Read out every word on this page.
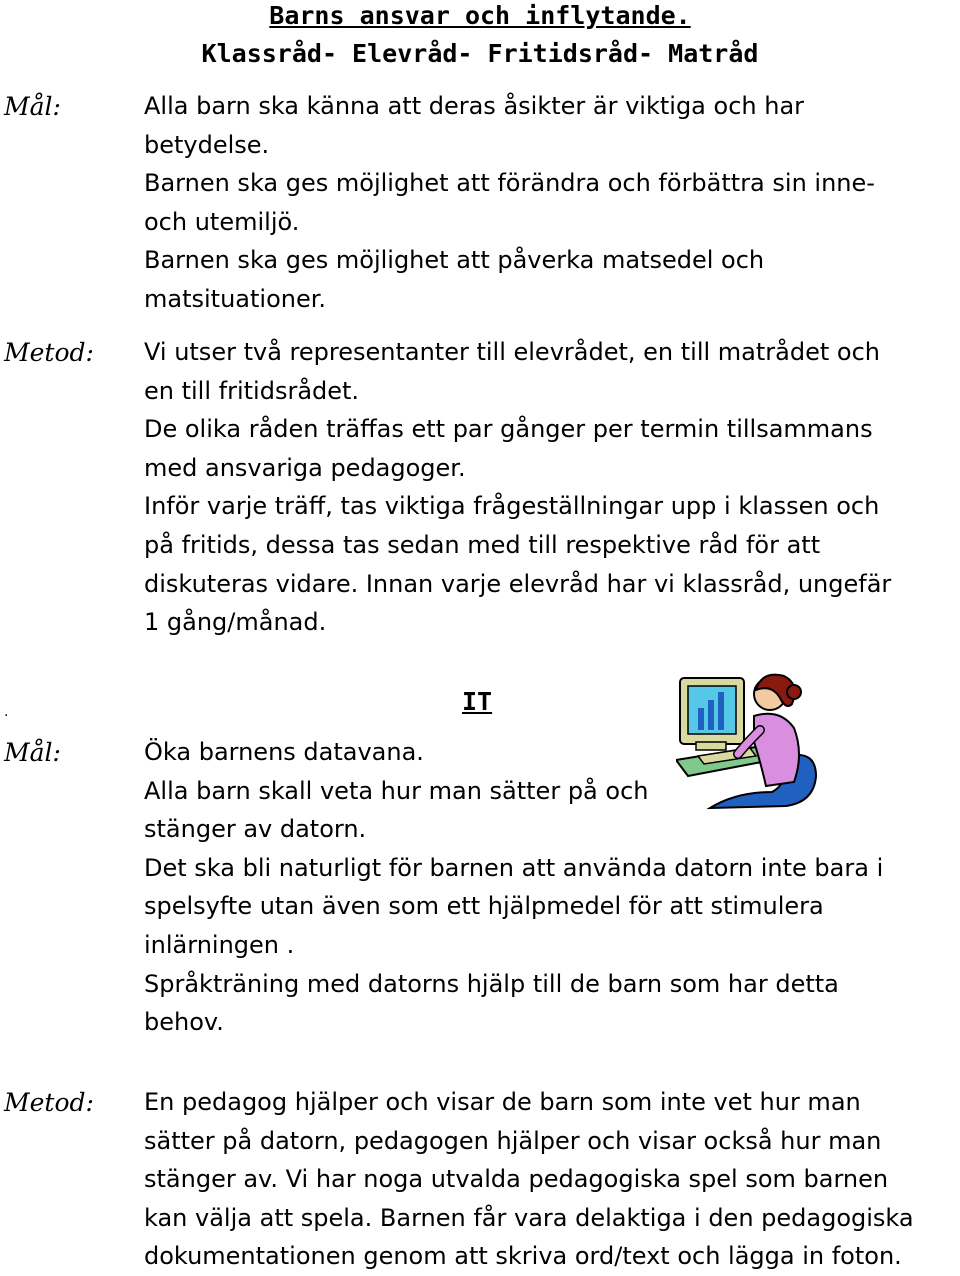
Barns ansvar och inflytande.
Klassråd- Elevråd- Fritidsråd- Matråd

Mål:	Alla barn ska känna att deras åsikter är viktiga och har
betydelse.
Barnen ska ges möjlighet att förändra och förbättra sin inne-
och utemiljö.
Barnen ska ges möjlighet att påverka matsedel och
matsituationer.

Metod: Vi utser två representanter till elevrådet, en till matrådet och
en till fritidsrådet.
De olika råden träffas ett par gånger per termin tillsammans
med ansvariga pedagoger.
Inför varje träff, tas viktiga frågeställningar upp i klassen och
på fritids, dessa tas sedan med till respektive råd för att
diskuteras vidare. Innan varje elevråd har vi klassråd, ungefär
1 gång/månad.
.	IT

Mål:	Öka barnens datavana.
Alla barn skall veta hur man sätter på och
stänger av datorn.
Det ska bli naturligt för barnen att använda datorn inte bara i
spelsyfte utan även som ett hjälpmedel för att stimulera
inlärningen .
Språkträning med datorns hjälp till de barn som har detta
behov.

Metod: En pedagog hjälper och visar de barn som inte vet hur man
sätter på datorn, pedagogen hjälper och visar också hur man
stänger av. Vi har noga utvalda pedagogiska spel som barnen
kan välja att spela. Barnen får vara delaktiga i den pedagogiska
dokumentationen genom att skriva ord/text och lägga in foton.
